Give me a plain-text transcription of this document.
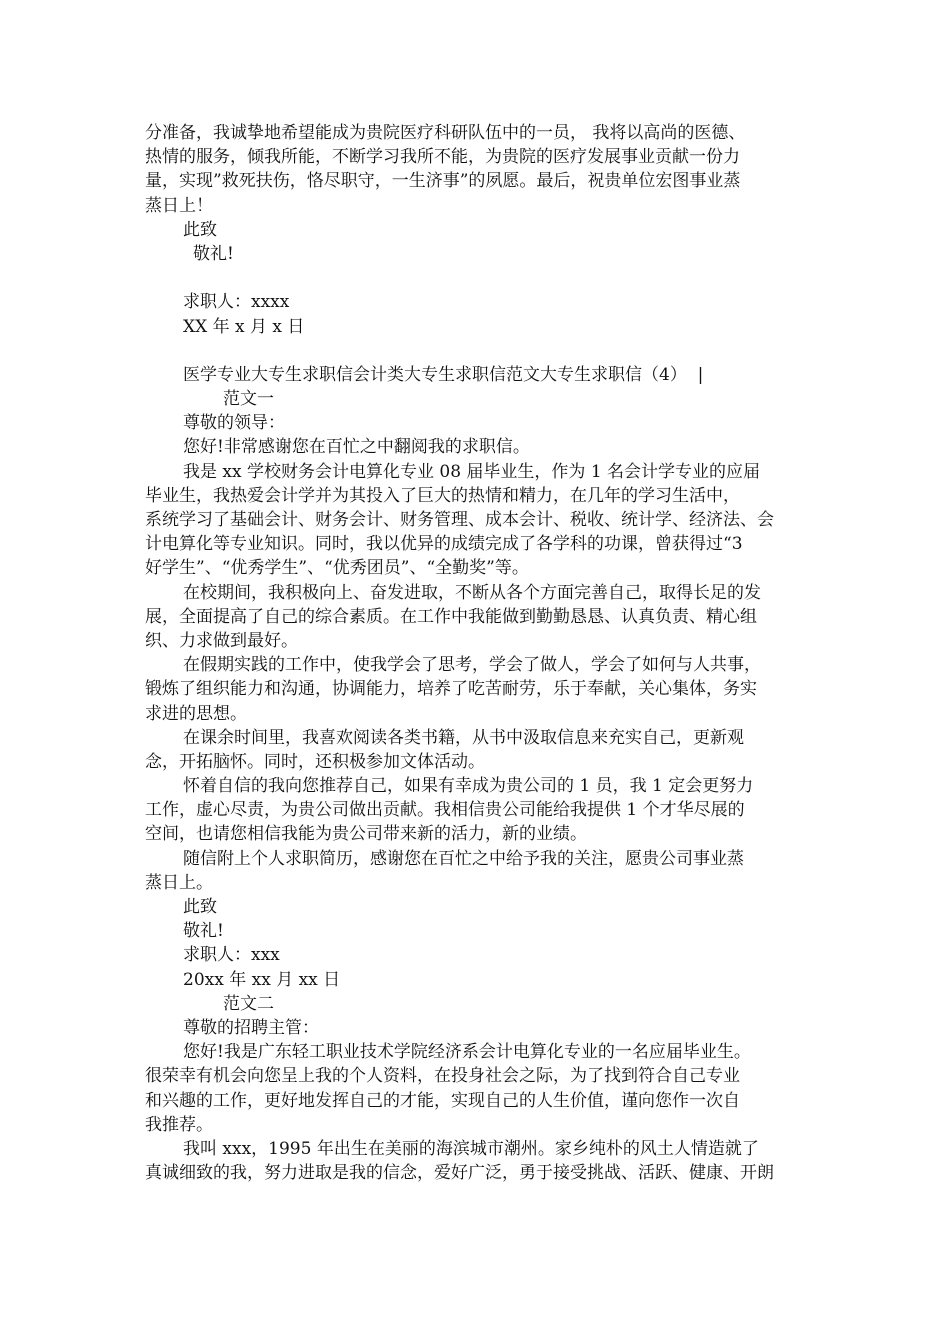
分准备，我诚挚地希望能成为贵院医疗科研队伍中的一员， 我将以高尚的医德、
热情的服务，倾我所能，不断学习我所不能，为贵院的医疗发展事业贡献一份力
量，实现”救死扶伤，恪尽职守，一生济事”的夙愿。最后，祝贵单位宏图事业蒸
蒸日上！
此致
敬礼!
求职人：xxxx
XX 年 x 月 x 日
医学专业大专生求职信会计类大专生求职信范文大专生求职信（4）  |
范文一
尊敬的领导：
您好!非常感谢您在百忙之中翻阅我的求职信。
我是 xx 学校财务会计电算化专业 08 届毕业生，作为 1 名会计学专业的应届
毕业生，我热爱会计学并为其投入了巨大的热情和精力，在几年的学习生活中，
系统学习了基础会计、财务会计、财务管理、成本会计、税收、统计学、经济法、会
计电算化等专业知识。同时，我以优异的成绩完成了各学科的功课，曾获得过“3
好学生”、“优秀学生”、“优秀团员”、“全勤奖”等。
在校期间，我积极向上、奋发进取，不断从各个方面完善自己，取得长足的发
展，全面提高了自己的综合素质。在工作中我能做到勤勤恳恳、认真负责、精心组
织、力求做到最好。
在假期实践的工作中，使我学会了思考，学会了做人，学会了如何与人共事，
锻炼了组织能力和沟通，协调能力，培养了吃苦耐劳，乐于奉献，关心集体，务实
求进的思想。
在课余时间里，我喜欢阅读各类书籍，从书中汲取信息来充实自己，更新观
念，开拓脑怀。同时，还积极参加文体活动。
怀着自信的我向您推荐自己，如果有幸成为贵公司的 1 员，我 1 定会更努力
工作，虚心尽责，为贵公司做出贡献。我相信贵公司能给我提供 1 个才华尽展的
空间，也请您相信我能为贵公司带来新的活力，新的业绩。
随信附上个人求职简历，感谢您在百忙之中给予我的关注，愿贵公司事业蒸
蒸日上。
此致
敬礼!
求职人：xxx
20xx 年 xx 月 xx 日
范文二
尊敬的招聘主管：
您好!我是广东轻工职业技术学院经济系会计电算化专业的一名应届毕业生。
很荣幸有机会向您呈上我的个人资料，在投身社会之际，为了找到符合自己专业
和兴趣的工作，更好地发挥自己的才能，实现自己的人生价值，谨向您作一次自
我推荐。
我叫 xxx，1995 年出生在美丽的海滨城市潮州。家乡纯朴的风土人情造就了
真诚细致的我，努力进取是我的信念，爱好广泛，勇于接受挑战、活跃、健康、开朗
